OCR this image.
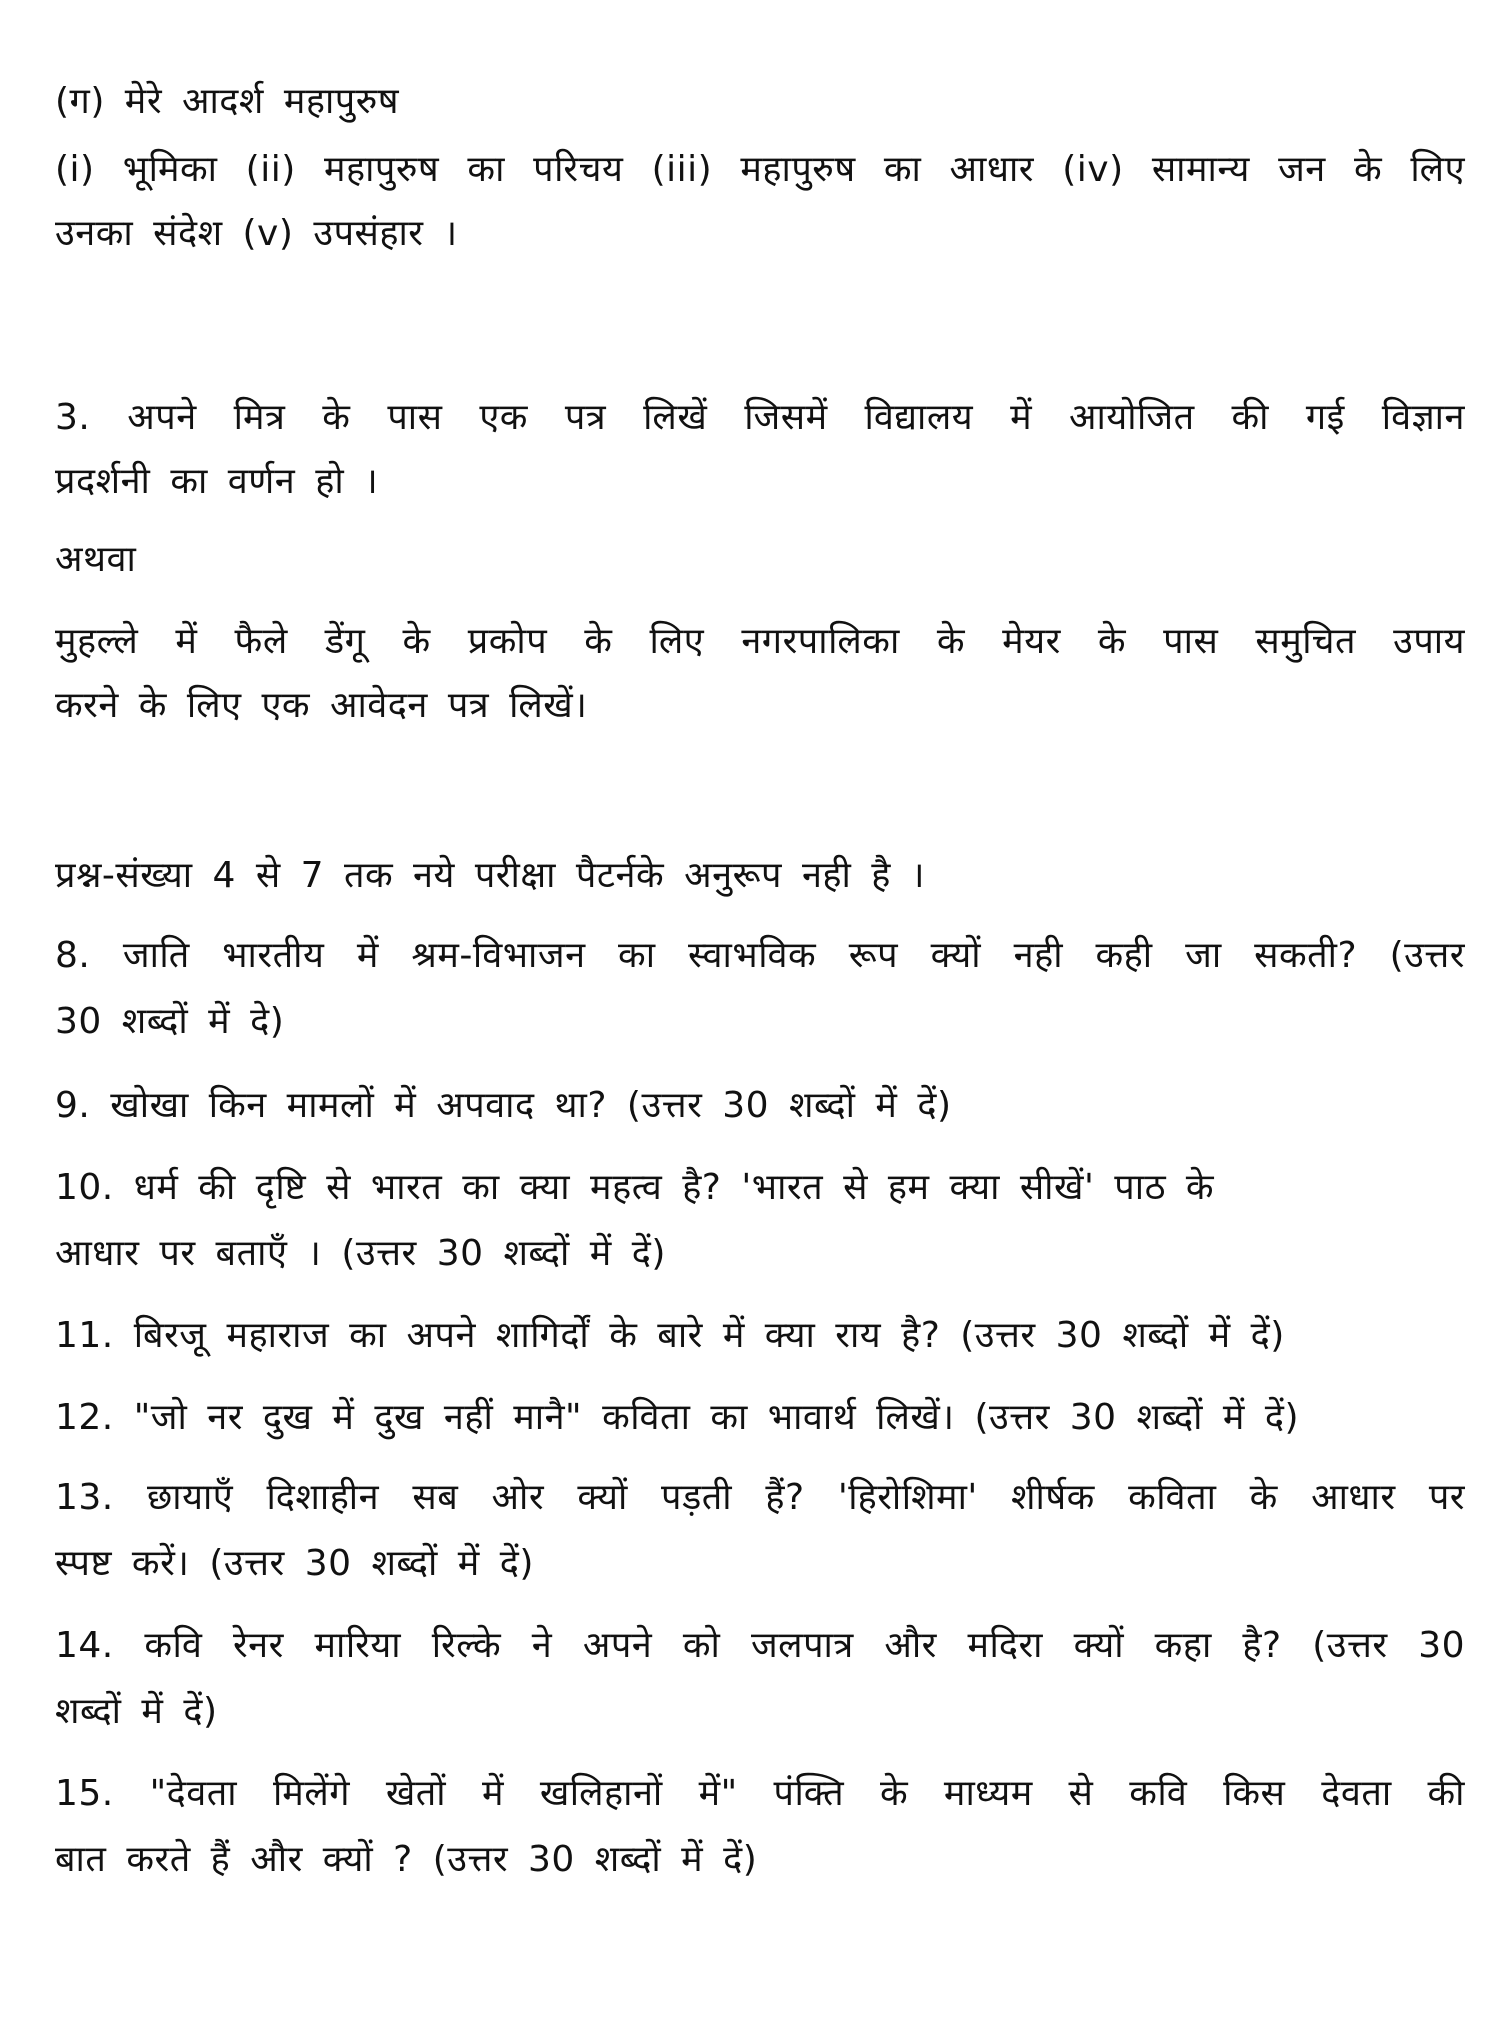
(ग) मेरे आदर्श महापुरुष
(i) भूमिका (ii) महापुरुष का परिचय (iii) महापुरुष का आधार (iv) सामान्य जन के लिए
उनका संदेश (v) उपसंहार ।
3. अपने मित्र के पास एक पत्र लिखें जिसमें विद्यालय में आयोजित की गई विज्ञान
प्रदर्शनी का वर्णन हो ।
अथवा
मुहल्ले में फैले डेंगू के प्रकोप के लिए नगरपालिका के मेयर के पास समुचित उपाय
करने के लिए एक आवेदन पत्र लिखें।
प्रश्न-संख्या 4 से 7 तक नये परीक्षा पैटर्नके अनुरूप नही है ।
8. जाति भारतीय में श्रम-विभाजन का स्वाभविक रूप क्यों नही कही जा सकती? (उत्तर
30 शब्दों में दे)
9. खोखा किन मामलों में अपवाद था? (उत्तर 30 शब्दों में दें)
10. धर्म की दृष्टि से भारत का क्या महत्व है? 'भारत से हम क्या सीखें' पाठ के
आधार पर बताएँ । (उत्तर 30 शब्दों में दें)
11. बिरजू महाराज का अपने शागिर्दों के बारे में क्या राय है? (उत्तर 30 शब्दों में दें)
12. "जो नर दुख में दुख नहीं मानै" कविता का भावार्थ लिखें। (उत्तर 30 शब्दों में दें)
13. छायाएँ दिशाहीन सब ओर क्यों पड़ती हैं? 'हिरोशिमा' शीर्षक कविता के आधार पर
स्पष्ट करें। (उत्तर 30 शब्दों में दें)
14. कवि रेनर मारिया रिल्के ने अपने को जलपात्र और मदिरा क्यों कहा है? (उत्तर 30
शब्दों में दें)
15. "देवता मिलेंगे खेतों में खलिहानों में" पंक्ति के माध्यम से कवि किस देवता की
बात करते हैं और क्यों ? (उत्तर 30 शब्दों में दें)
